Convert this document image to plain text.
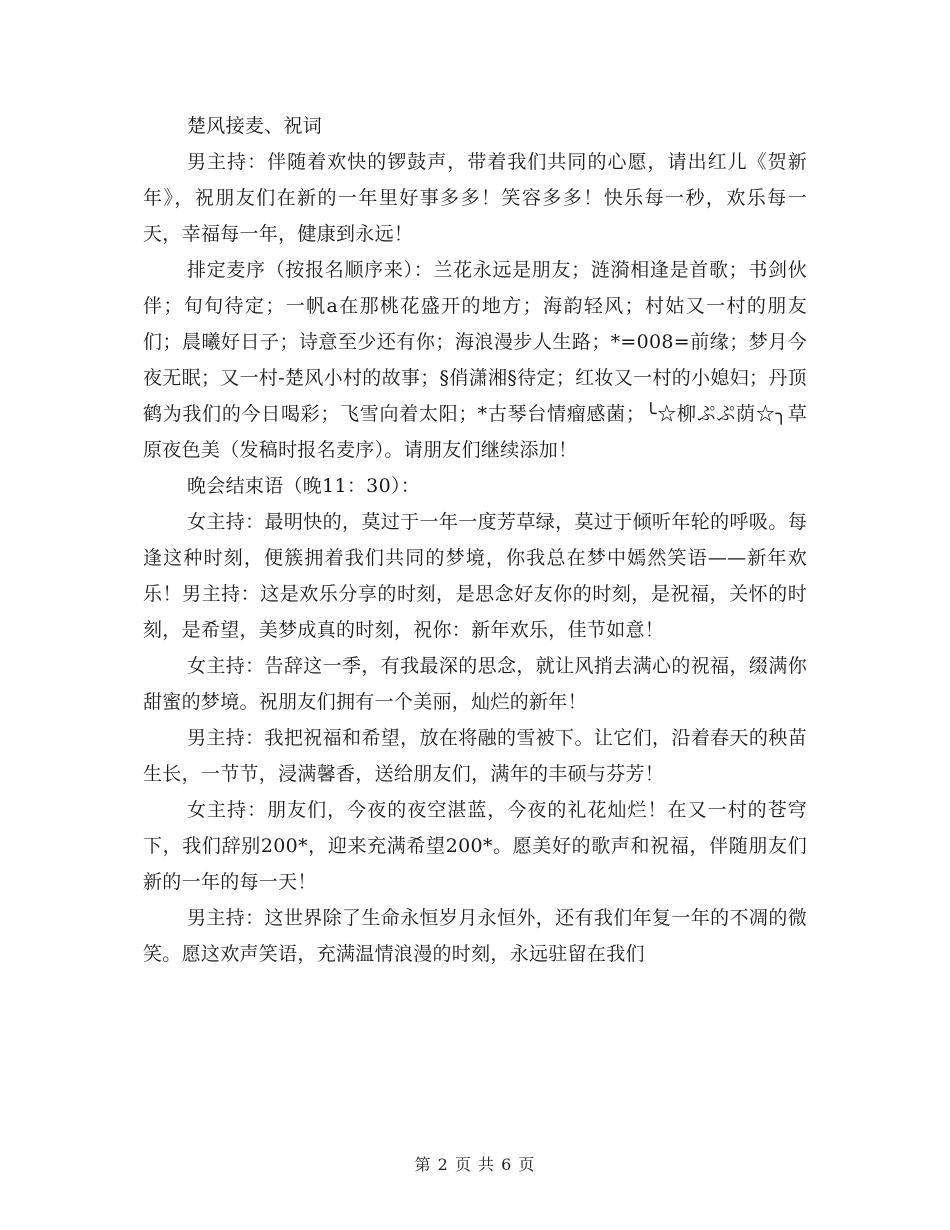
楚风接麦、祝词

男主持：伴随着欢快的锣鼓声，带着我们共同的心愿，请出红儿《贺新年》，祝朋友们在新的一年里好事多多！笑容多多！快乐每一秒，欢乐每一天，幸福每一年，健康到永远！

排定麦序（按报名顺序来）：兰花永远是朋友；涟漪相逢是首歌；书剑伙伴；旬旬待定；一帆a在那桃花盛开的地方；海韵轻风；村姑又一村的朋友们；晨曦好日子；诗意至少还有你；海浪漫步人生路；*=008=前缘；梦月今夜无眠；又一村-楚风小村的故事；§俏潇湘§待定；红妆又一村的小媳妇；丹顶鹤为我们的今日喝彩；飞雪向着太阳；*古琴台情瘤感菌；╰☆柳ぷぷ荫☆╮草原夜色美（发稿时报名麦序）。请朋友们继续添加！

晚会结束语（晚11：30）：

女主持：最明快的，莫过于一年一度芳草绿，莫过于倾听年轮的呼吸。每逢这种时刻，便簇拥着我们共同的梦境，你我总在梦中嫣然笑语——新年欢乐！男主持：这是欢乐分享的时刻，是思念好友你的时刻，是祝福，关怀的时刻，是希望，美梦成真的时刻，祝你：新年欢乐，佳节如意！

女主持：告辞这一季，有我最深的思念，就让风捎去满心的祝福，缀满你甜蜜的梦境。祝朋友们拥有一个美丽，灿烂的新年！

男主持：我把祝福和希望，放在将融的雪被下。让它们，沿着春天的秧苗生长，一节节，浸满馨香，送给朋友们，满年的丰硕与芬芳！

女主持：朋友们，今夜的夜空湛蓝，今夜的礼花灿烂！在又一村的苍穹下，我们辞别200*，迎来充满希望200*。愿美好的歌声和祝福，伴随朋友们新的一年的每一天！

男主持：这世界除了生命永恒岁月永恒外，还有我们年复一年的不凋的微笑。愿这欢声笑语，充满温情浪漫的时刻，永远驻留在我们

第 2 页 共 6 页
